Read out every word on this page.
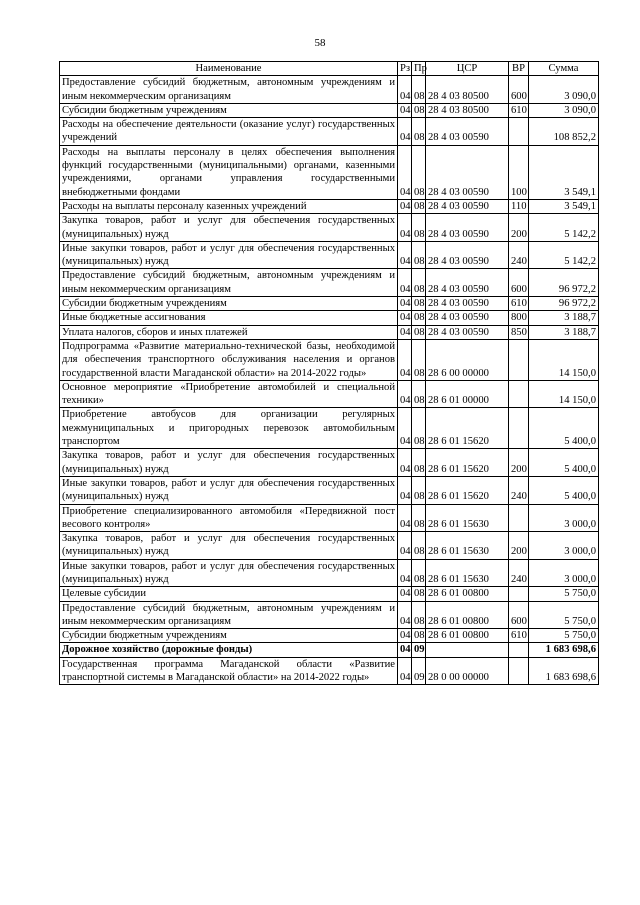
58
Наименование	Рз	Пр	ЦСР	ВР	Сумма
Предоставление субсидий бюджетным, автономным учреждениям и иным некоммерческим организациям	04	08	28 4 03 80500	600	3 090,0
Субсидии бюджетным учреждениям	04	08	28 4 03 80500	610	3 090,0
Расходы на обеспечение деятельности (оказание услуг) государственных учреждений	04	08	28 4 03 00590		108 852,2
Расходы на выплаты персоналу в целях обеспечения выполнения функций государственными (муниципальными) органами, казенными учреждениями, органами управления государственными внебюджетными фондами	04	08	28 4 03 00590	100	3 549,1
Расходы на выплаты персоналу казенных учреждений	04	08	28 4 03 00590	110	3 549,1
Закупка товаров, работ и услуг для обеспечения государственных (муниципальных) нужд	04	08	28 4 03 00590	200	5 142,2
Иные закупки товаров, работ и услуг для обеспечения государственных (муниципальных) нужд	04	08	28 4 03 00590	240	5 142,2
Предоставление субсидий бюджетным, автономным учреждениям и иным некоммерческим организациям	04	08	28 4 03 00590	600	96 972,2
Субсидии бюджетным учреждениям	04	08	28 4 03 00590	610	96 972,2
Иные бюджетные ассигнования	04	08	28 4 03 00590	800	3 188,7
Уплата налогов, сборов и иных платежей	04	08	28 4 03 00590	850	3 188,7
Подпрограмма «Развитие материально-технической базы, необходимой для обеспечения транспортного обслуживания населения и органов государственной власти Магаданской области» на 2014-2022 годы»	04	08	28 6 00 00000		14 150,0
Основное мероприятие «Приобретение автомобилей и специальной техники»	04	08	28 6 01 00000		14 150,0
Приобретение автобусов для организации регулярных межмуниципальных и пригородных перевозок автомобильным транспортом	04	08	28 6 01 15620		5 400,0
Закупка товаров, работ и услуг для обеспечения государственных (муниципальных) нужд	04	08	28 6 01 15620	200	5 400,0
Иные закупки товаров, работ и услуг для обеспечения государственных (муниципальных) нужд	04	08	28 6 01 15620	240	5 400,0
Приобретение специализированного автомобиля «Передвижной пост весового контроля»	04	08	28 6 01 15630		3 000,0
Закупка товаров, работ и услуг для обеспечения государственных (муниципальных) нужд	04	08	28 6 01 15630	200	3 000,0
Иные закупки товаров, работ и услуг для обеспечения государственных (муниципальных) нужд	04	08	28 6 01 15630	240	3 000,0
Целевые субсидии	04	08	28 6 01 00800		5 750,0
Предоставление субсидий бюджетным, автономным учреждениям и иным некоммерческим организациям	04	08	28 6 01 00800	600	5 750,0
Субсидии бюджетным учреждениям	04	08	28 6 01 00800	610	5 750,0
Дорожное хозяйство (дорожные фонды)	04	09			1 683 698,6
Государственная программа Магаданской области «Развитие транспортной системы в Магаданской области» на 2014-2022 годы»	04	09	28 0 00 00000		1 683 698,6
